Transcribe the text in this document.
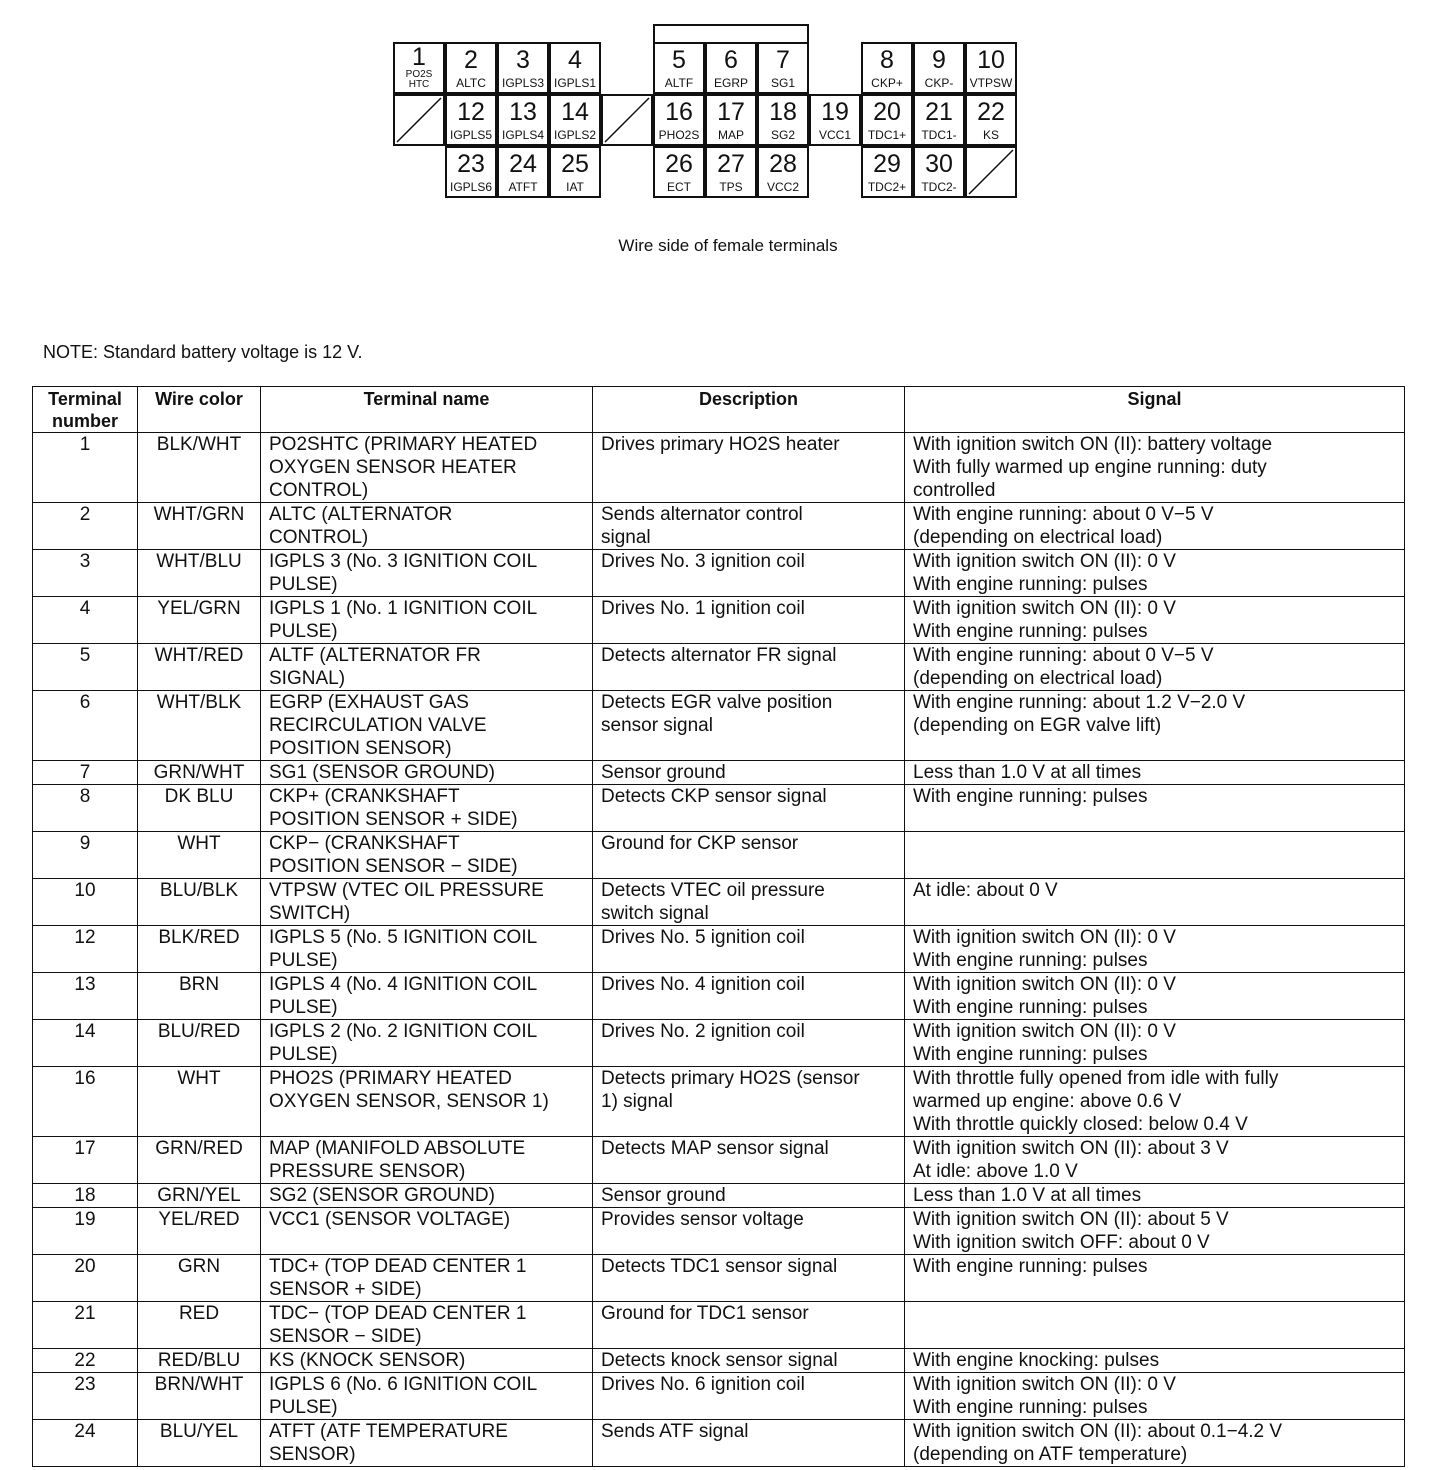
1
PO2S HTC
2
ALTC
3
IGPLS3
4
IGPLS1
5
ALTF
6
EGRP
7
SG1
8
CKP+
9
CKP-
10
VTPSW
12
IGPLS5
13
IGPLS4
14
IGPLS2
16
PHO2S
17
MAP
18
SG2
19
VCC1
20
TDC1+
21
TDC1-
22
KS
23
IGPLS6
24
ATFT
25
IAT
26
ECT
27
TPS
28
VCC2
29
TDC2+
30
TDC2-
Wire side of female terminals
NOTE: Standard battery voltage is 12 V.
Terminal
number	Wire color	Terminal name	Description	Signal
1	BLK/WHT	PO2SHTC (PRIMARY HEATED
OXYGEN SENSOR HEATER
CONTROL)	Drives primary HO2S heater	With ignition switch ON (II): battery voltage
With fully warmed up engine running: duty
controlled
2	WHT/GRN	ALTC (ALTERNATOR
CONTROL)	Sends alternator control
signal	With engine running: about 0 V−5 V
(depending on electrical load)
3	WHT/BLU	IGPLS 3 (No. 3 IGNITION COIL
PULSE)	Drives No. 3 ignition coil	With ignition switch ON (II): 0 V
With engine running: pulses
4	YEL/GRN	IGPLS 1 (No. 1 IGNITION COIL
PULSE)	Drives No. 1 ignition coil	With ignition switch ON (II): 0 V
With engine running: pulses
5	WHT/RED	ALTF (ALTERNATOR FR
SIGNAL)	Detects alternator FR signal	With engine running: about 0 V−5 V
(depending on electrical load)
6	WHT/BLK	EGRP (EXHAUST GAS
RECIRCULATION VALVE
POSITION SENSOR)	Detects EGR valve position
sensor signal	With engine running: about 1.2 V−2.0 V
(depending on EGR valve lift)
7	GRN/WHT	SG1 (SENSOR GROUND)	Sensor ground	Less than 1.0 V at all times
8	DK BLU	CKP+ (CRANKSHAFT
POSITION SENSOR + SIDE)	Detects CKP sensor signal	With engine running: pulses
9	WHT	CKP− (CRANKSHAFT
POSITION SENSOR − SIDE)	Ground for CKP sensor	
10	BLU/BLK	VTPSW (VTEC OIL PRESSURE
SWITCH)	Detects VTEC oil pressure
switch signal	At idle: about 0 V
12	BLK/RED	IGPLS 5 (No. 5 IGNITION COIL
PULSE)	Drives No. 5 ignition coil	With ignition switch ON (II): 0 V
With engine running: pulses
13	BRN	IGPLS 4 (No. 4 IGNITION COIL
PULSE)	Drives No. 4 ignition coil	With ignition switch ON (II): 0 V
With engine running: pulses
14	BLU/RED	IGPLS 2 (No. 2 IGNITION COIL
PULSE)	Drives No. 2 ignition coil	With ignition switch ON (II): 0 V
With engine running: pulses
16	WHT	PHO2S (PRIMARY HEATED
OXYGEN SENSOR, SENSOR 1)	Detects primary HO2S (sensor
1) signal	With throttle fully opened from idle with fully
warmed up engine: above 0.6 V
With throttle quickly closed: below 0.4 V
17	GRN/RED	MAP (MANIFOLD ABSOLUTE
PRESSURE SENSOR)	Detects MAP sensor signal	With ignition switch ON (II): about 3 V
At idle: above 1.0 V
18	GRN/YEL	SG2 (SENSOR GROUND)	Sensor ground	Less than 1.0 V at all times
19	YEL/RED	VCC1 (SENSOR VOLTAGE)	Provides sensor voltage	With ignition switch ON (II): about 5 V
With ignition switch OFF: about 0 V
20	GRN	TDC+ (TOP DEAD CENTER 1
SENSOR + SIDE)	Detects TDC1 sensor signal	With engine running: pulses
21	RED	TDC− (TOP DEAD CENTER 1
SENSOR − SIDE)	Ground for TDC1 sensor	
22	RED/BLU	KS (KNOCK SENSOR)	Detects knock sensor signal	With engine knocking: pulses
23	BRN/WHT	IGPLS 6 (No. 6 IGNITION COIL
PULSE)	Drives No. 6 ignition coil	With ignition switch ON (II): 0 V
With engine running: pulses
24	BLU/YEL	ATFT (ATF TEMPERATURE
SENSOR)	Sends ATF signal	With ignition switch ON (II): about 0.1−4.2 V
(depending on ATF temperature)
